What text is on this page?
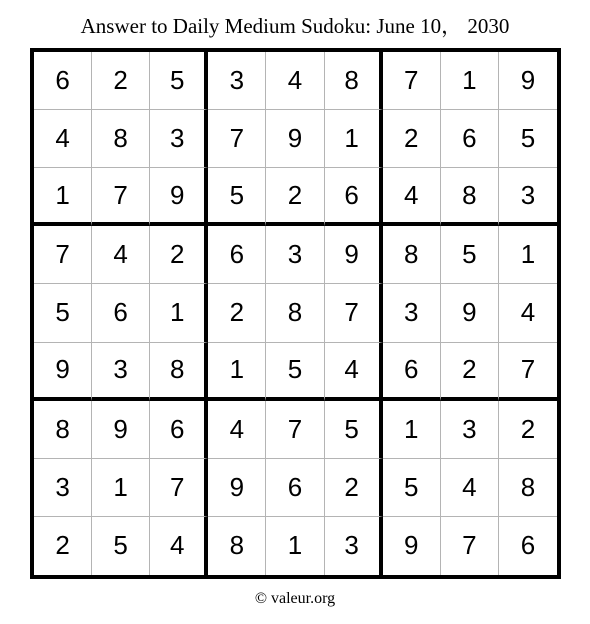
Answer to Daily Medium Sudoku: June 10， 2030
6	2	5	3	4	8	7	1	9
4	8	3	7	9	1	2	6	5
1	7	9	5	2	6	4	8	3
7	4	2	6	3	9	8	5	1
5	6	1	2	8	7	3	9	4
9	3	8	1	5	4	6	2	7
8	9	6	4	7	5	1	3	2
3	1	7	9	6	2	5	4	8
2	5	4	8	1	3	9	7	6
© valeur.org
